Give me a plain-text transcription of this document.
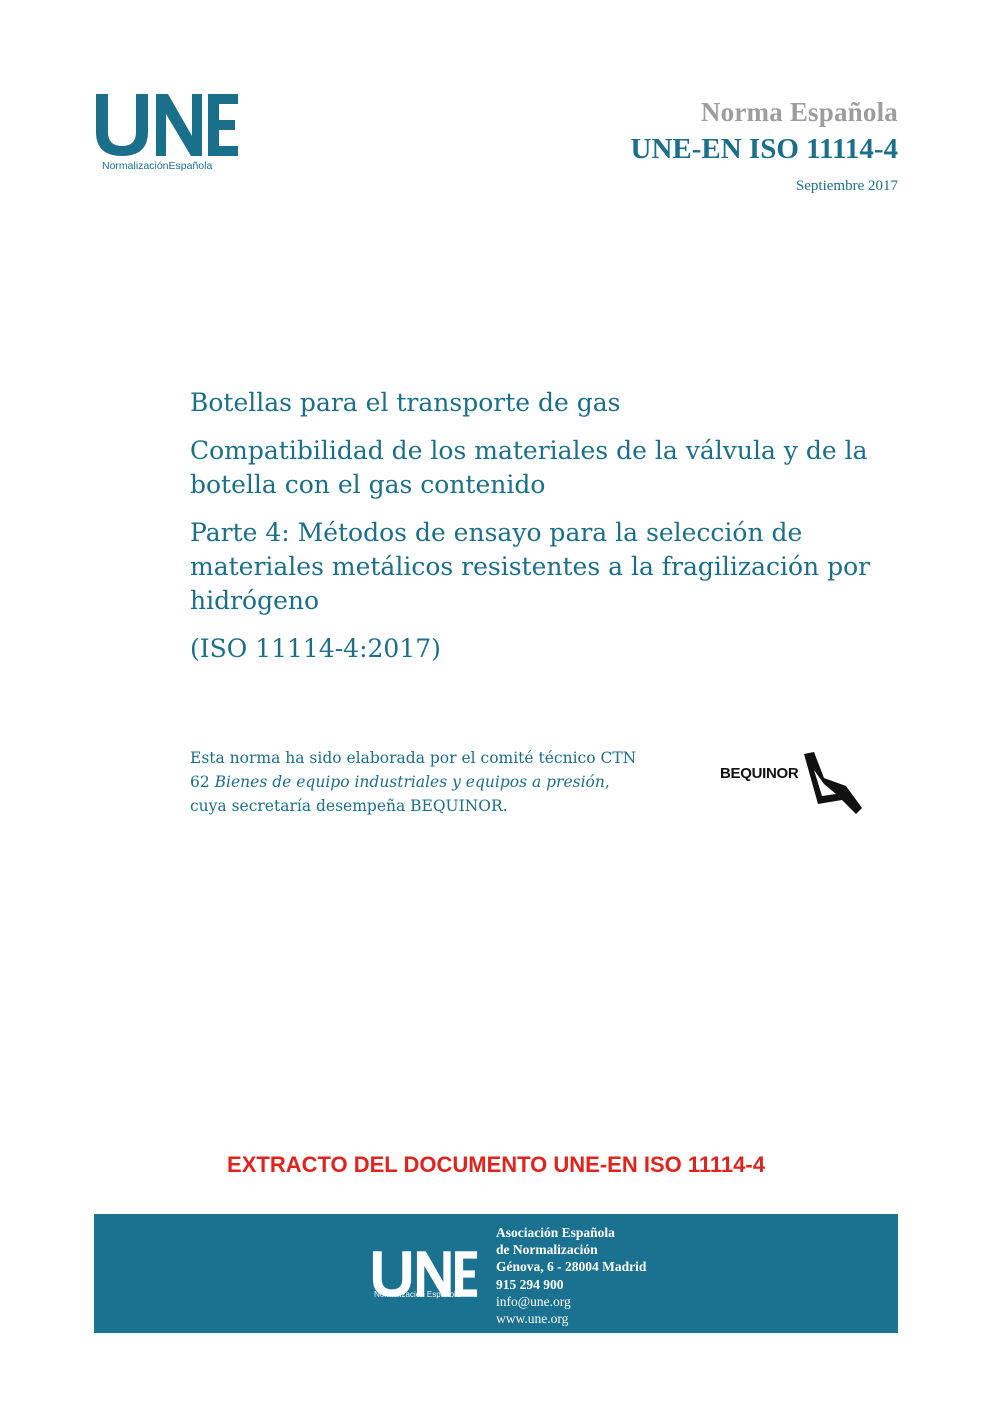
NormalizaciónEspañola
Norma Española
UNE-EN ISO 11114-4
Septiembre 2017

Botellas para el transporte de gas

Compatibilidad de los materiales de la válvula y de la botella con el gas contenido

Parte 4: Métodos de ensayo para la selección de materiales metálicos resistentes a la fragilización por hidrógeno

(ISO 11114-4:2017)

Esta norma ha sido elaborada por el comité técnico CTN 62 Bienes de equipo industriales y equipos a presión, cuya secretaría desempeña BEQUINOR.
BEQUINOR
EXTRACTO DEL DOCUMENTO UNE-EN ISO 11114-4
Normalización Española
Asociación Española
de Normalización
Génova, 6 - 28004 Madrid
915 294 900
info@une.org
www.une.org
